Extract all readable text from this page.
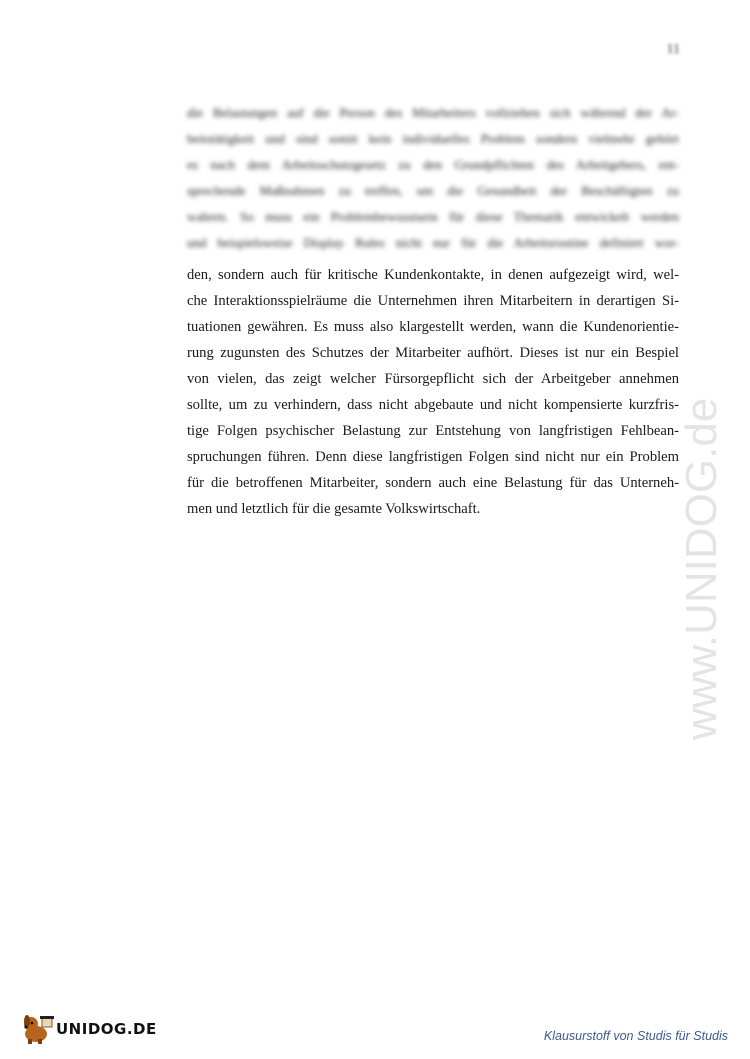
11
die Belastungen auf die Person des Mitarbeiters vollziehen sich während der Ar-
beitstätigkeit und sind somit kein individuelles Problem sondern vielmehr gehört
es nach dem Arbeitsschutzgesetz zu den Grundpflichten des Arbeitgebers, ent-
sprechende Maßnahmen zu treffen, um die Gesundheit der Beschäftigten zu
wahren. So muss ein Problembewusstsein für diese Thematik entwickelt werden
und beispielsweise Display Rules nicht nur für die Arbeitsroutine definiert wor-
den, sondern auch für kritische Kundenkontakte, in denen aufgezeigt wird, wel-
che Interaktionsspielräume die Unternehmen ihren Mitarbeitern in derartigen Si-
tuationen gewähren. Es muss also klargestellt werden, wann die Kundenorientie-
rung zugunsten des Schutzes der Mitarbeiter aufhört. Dieses ist nur ein Bespiel
von vielen, das zeigt welcher Fürsorgepflicht sich der Arbeitgeber annehmen
sollte, um zu verhindern, dass nicht abgebaute und nicht kompensierte kurzfris-
tige Folgen psychischer Belastung zur Entstehung von langfristigen Fehlbean-
spruchungen führen. Denn diese langfristigen Folgen sind nicht nur ein Problem
für die betroffenen Mitarbeiter, sondern auch eine Belastung für das Unterneh-
men und letztlich für die gesamte Volkswirtschaft.	www.UNIDOG.de
UNIDOG.DE	Klausurstoff von Studis für Studis
